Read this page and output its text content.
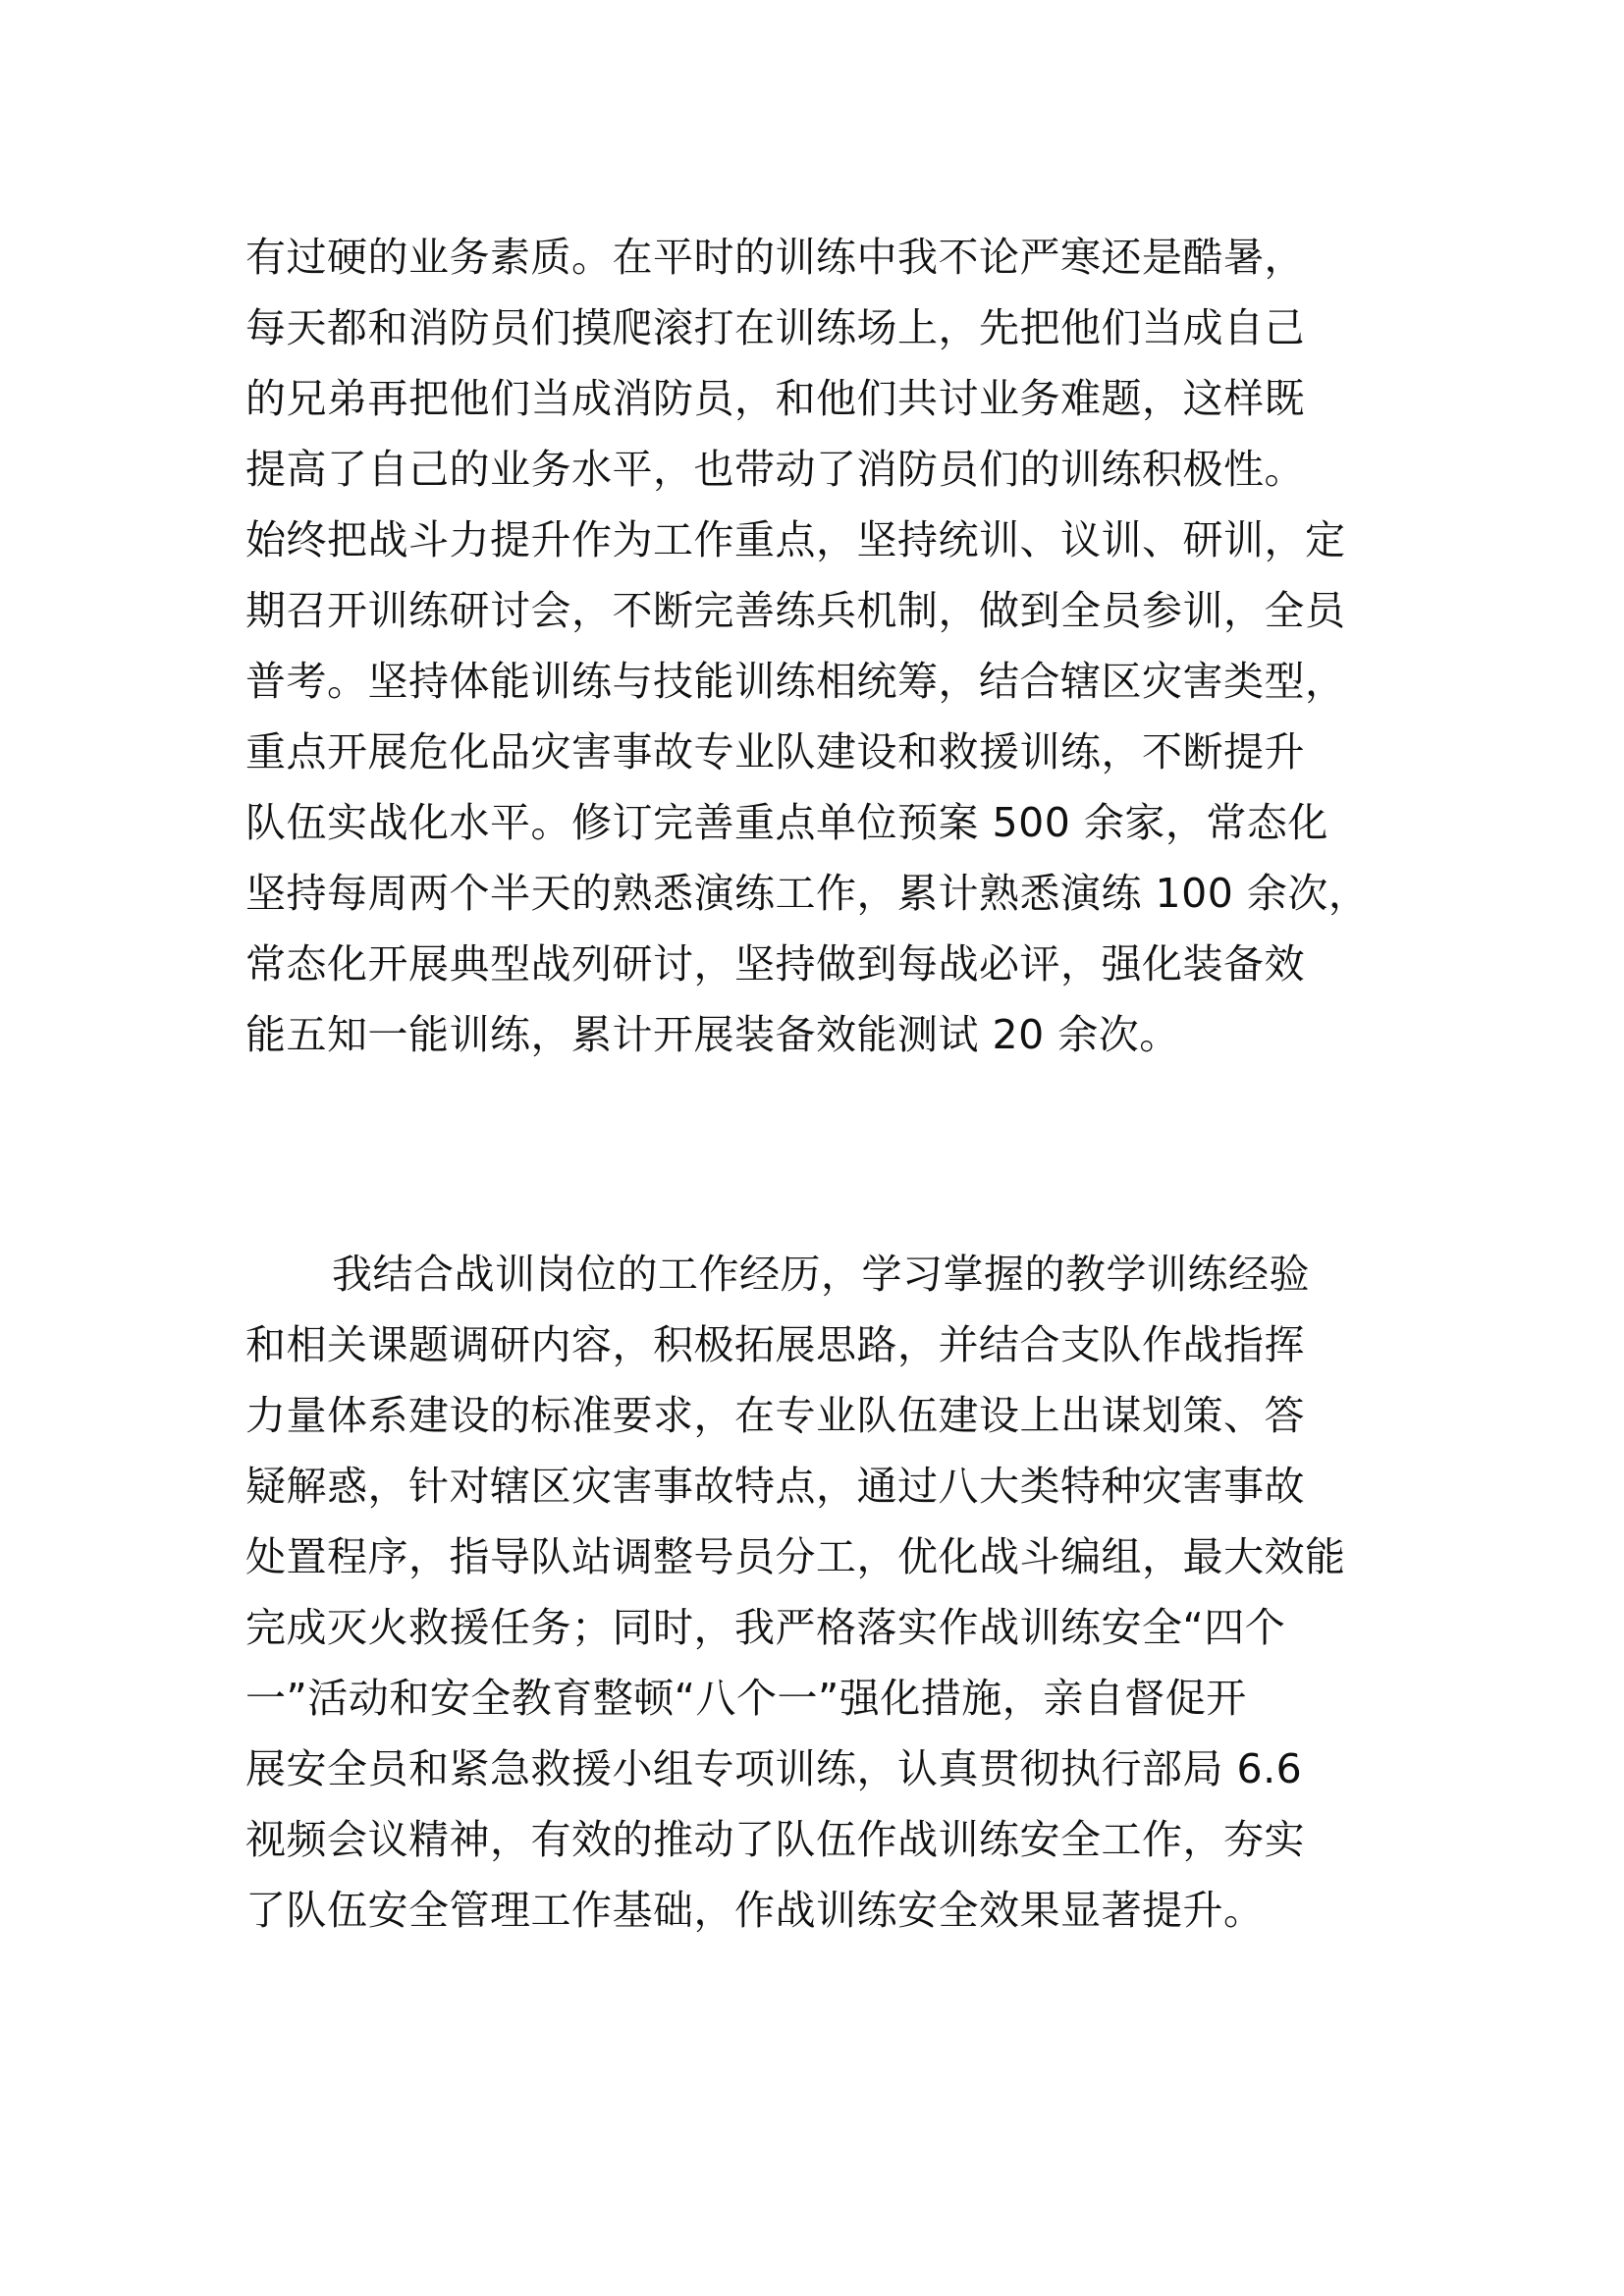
有过硬的业务素质。在平时的训练中我不论严寒还是酷暑，
每天都和消防员们摸爬滚打在训练场上，先把他们当成自己
的兄弟再把他们当成消防员，和他们共讨业务难题，这样既
提高了自己的业务水平，也带动了消防员们的训练积极性。
始终把战斗力提升作为工作重点，坚持统训、议训、研训，定
期召开训练研讨会，不断完善练兵机制，做到全员参训，全员
普考。坚持体能训练与技能训练相统筹，结合辖区灾害类型，
重点开展危化品灾害事故专业队建设和救援训练，不断提升
队伍实战化水平。修订完善重点单位预案 500 余家，常态化
坚持每周两个半天的熟悉演练工作，累计熟悉演练 100 余次，
常态化开展典型战列研讨，坚持做到每战必评，强化装备效
能五知一能训练，累计开展装备效能测试 20 余次。
我结合战训岗位的工作经历，学习掌握的教学训练经验
和相关课题调研内容，积极拓展思路，并结合支队作战指挥
力量体系建设的标准要求，在专业队伍建设上出谋划策、答
疑解惑，针对辖区灾害事故特点，通过八大类特种灾害事故
处置程序，指导队站调整号员分工，优化战斗编组，最大效能
完成灭火救援任务；同时，我严格落实作战训练安全“四个
一”活动和安全教育整顿“八个一”强化措施，亲自督促开
展安全员和紧急救援小组专项训练，认真贯彻执行部局 6.6
视频会议精神，有效的推动了队伍作战训练安全工作，夯实
了队伍安全管理工作基础，作战训练安全效果显著提升。
